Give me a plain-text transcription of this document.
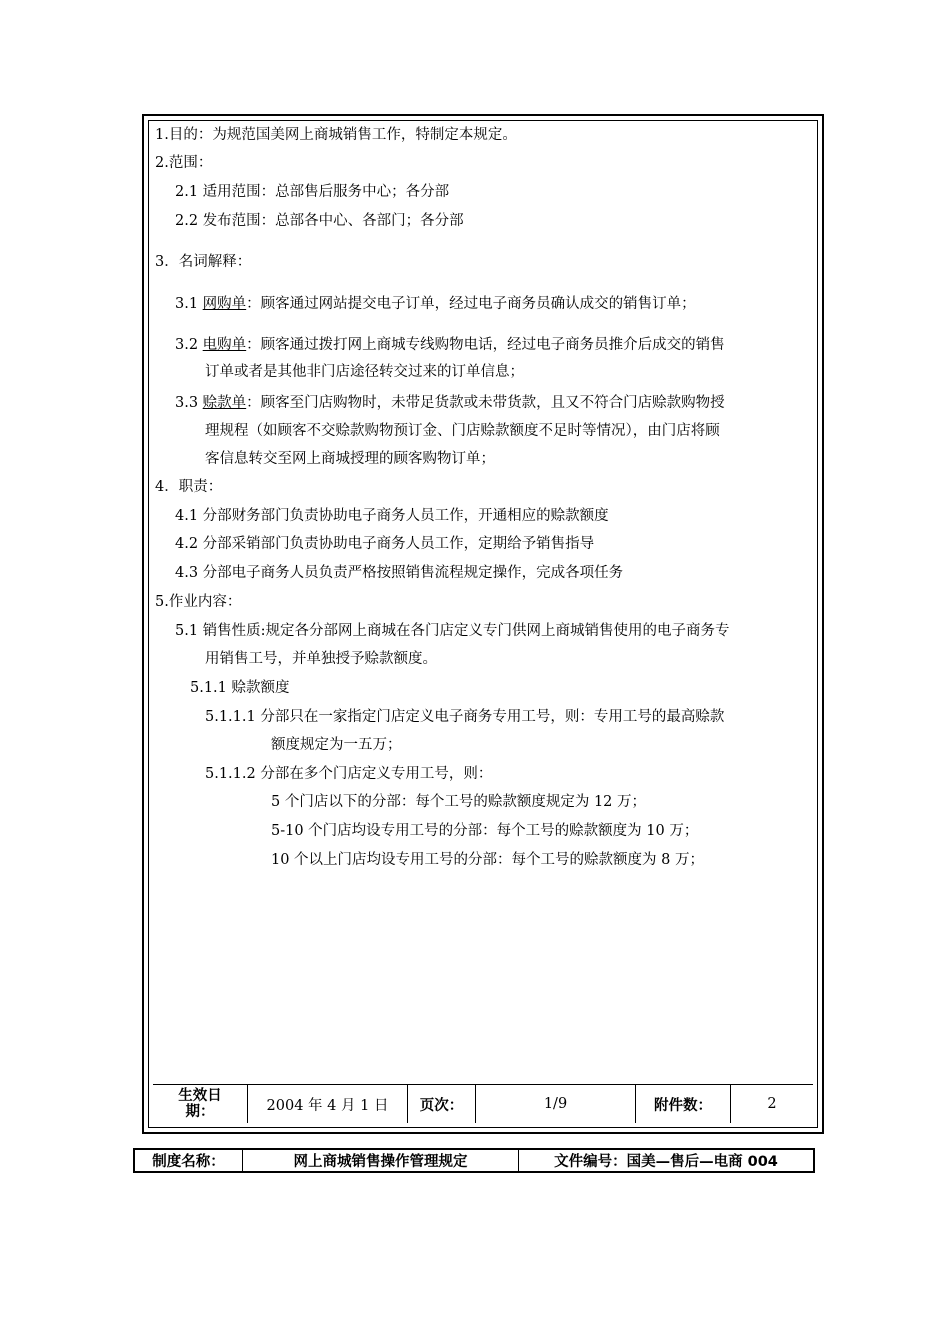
1.目的：为规范国美网上商城销售工作，特制定本规定。
2.范围：
2.1 适用范围：总部售后服务中心；各分部
2.2 发布范围：总部各中心、各部门；各分部
3．名词解释：
3.1 网购单：顾客通过网站提交电子订单，经过电子商务员确认成交的销售订单；
3.2 电购单：顾客通过拨打网上商城专线购物电话，经过电子商务员推介后成交的销售
订单或者是其他非门店途径转交过来的订单信息；
3.3 赊款单：顾客至门店购物时，未带足货款或未带货款，且又不符合门店赊款购物授
理规程（如顾客不交赊款购物预订金、门店赊款额度不足时等情况），由门店将顾
客信息转交至网上商城授理的顾客购物订单；
4．职责：
4.1 分部财务部门负责协助电子商务人员工作，开通相应的赊款额度
4.2 分部采销部门负责协助电子商务人员工作，定期给予销售指导
4.3 分部电子商务人员负责严格按照销售流程规定操作，完成各项任务
5.作业内容：
5.1 销售性质:规定各分部网上商城在各门店定义专门供网上商城销售使用的电子商务专
用销售工号，并单独授予赊款额度。
5.1.1 赊款额度
5.1.1.1 分部只在一家指定门店定义电子商务专用工号，则：专用工号的最高赊款
额度规定为一五万；
5.1.1.2 分部在多个门店定义专用工号，则：
5 个门店以下的分部：每个工号的赊款额度规定为 12 万；
5-10 个门店均设专用工号的分部：每个工号的赊款额度为 10 万；
10 个以上门店均设专用工号的分部：每个工号的赊款额度为 8 万；
生效日期：	2004 年 4 月 1 日	页次：	1/9	附件数：	2
制度名称：	网上商城销售操作管理规定	文件编号：国美—售后—电商 004
